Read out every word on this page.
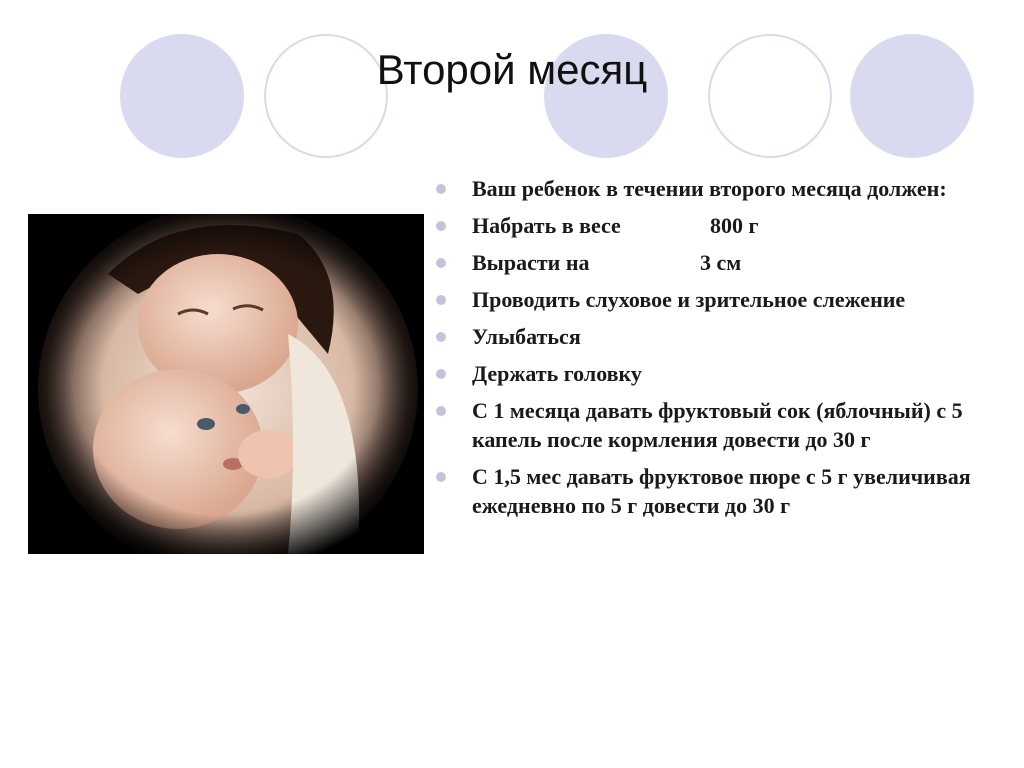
Второй месяц
Ваш ребенок в течении второго месяца должен:
Набрать в весе	800 г
Вырасти на	3 см
Проводить слуховое и зрительное слежение
Улыбаться
Держать головку
С 1 месяца давать фруктовый сок (яблочный) с 5 капель после кормления довести до 30 г
С 1,5 мес давать фруктовое пюре с 5 г увеличивая ежедневно по 5 г довести до 30 г
